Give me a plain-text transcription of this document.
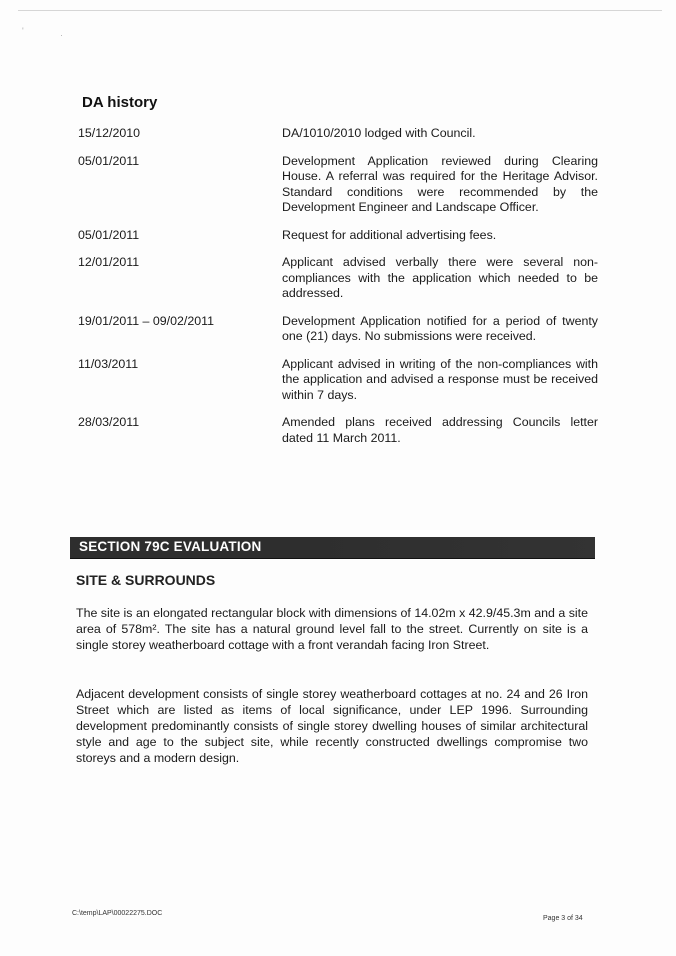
'	·
DA history
15/12/2010	DA/1010/2010 lodged with Council.
05/01/2011	Development Application reviewed during Clearing House. A referral was required for the Heritage Advisor. Standard conditions were recommended by the Development Engineer and Landscape Officer.
05/01/2011	Request for additional advertising fees.
12/01/2011	Applicant advised verbally there were several non-compliances with the application which needed to be addressed.
19/01/2011 – 09/02/2011	Development Application notified for a period of twenty one (21) days. No submissions were received.
11/03/2011	Applicant advised in writing of the non-compliances with the application and advised a response must be received within 7 days.
28/03/2011	Amended plans received addressing Councils letter dated 11 March 2011.
SECTION 79C EVALUATION
SITE & SURROUNDS
The site is an elongated rectangular block with dimensions of 14.02m x 42.9/45.3m and a site area of 578m². The site has a natural ground level fall to the street. Currently on site is a single storey weatherboard cottage with a front verandah facing Iron Street.
Adjacent development consists of single storey weatherboard cottages at no. 24 and 26 Iron Street which are listed as items of local significance, under LEP 1996. Surrounding development predominantly consists of single storey dwelling houses of similar architectural style and age to the subject site, while recently constructed dwellings compromise two storeys and a modern design.
C:\temp\LAP\00022275.DOC
Page 3 of 34
